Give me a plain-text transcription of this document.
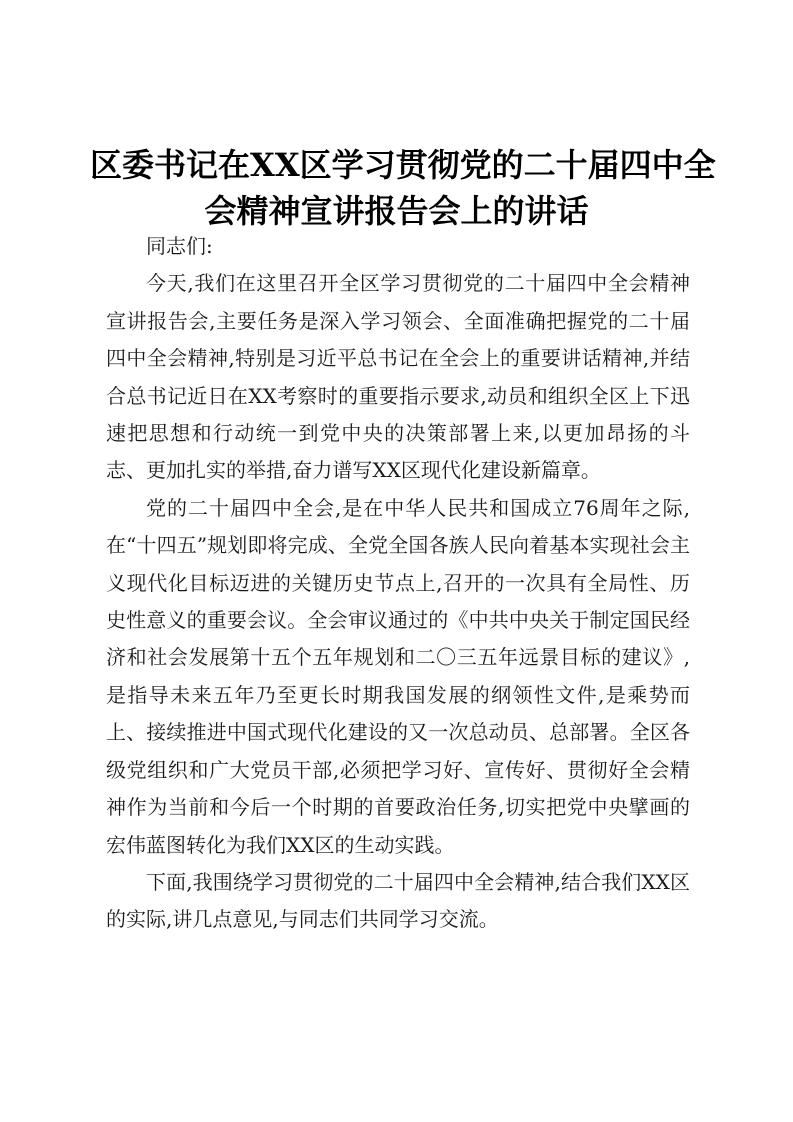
区委书记在XX区学习贯彻党的二十届四中全
会精神宣讲报告会上的讲话

同志们:

今天,我们在这里召开全区学习贯彻党的二十届四中全会精神宣讲报告会,主要任务是深入学习领会、全面准确把握党的二十届四中全会精神,特别是习近平总书记在全会上的重要讲话精神,并结合总书记近日在XX考察时的重要指示要求,动员和组织全区上下迅速把思想和行动统一到党中央的决策部署上来,以更加昂扬的斗志、更加扎实的举措,奋力谱写XX区现代化建设新篇章。

党的二十届四中全会,是在中华人民共和国成立76周年之际,在“十四五”规划即将完成、全党全国各族人民向着基本实现社会主义现代化目标迈进的关键历史节点上,召开的一次具有全局性、历史性意义的重要会议。全会审议通过的《中共中央关于制定国民经济和社会发展第十五个五年规划和二〇三五年远景目标的建议》,是指导未来五年乃至更长时期我国发展的纲领性文件,是乘势而上、接续推进中国式现代化建设的又一次总动员、总部署。全区各级党组织和广大党员干部,必须把学习好、宣传好、贯彻好全会精神作为当前和今后一个时期的首要政治任务,切实把党中央擘画的宏伟蓝图转化为我们XX区的生动实践。

下面,我围绕学习贯彻党的二十届四中全会精神,结合我们XX区的实际,讲几点意见,与同志们共同学习交流。
